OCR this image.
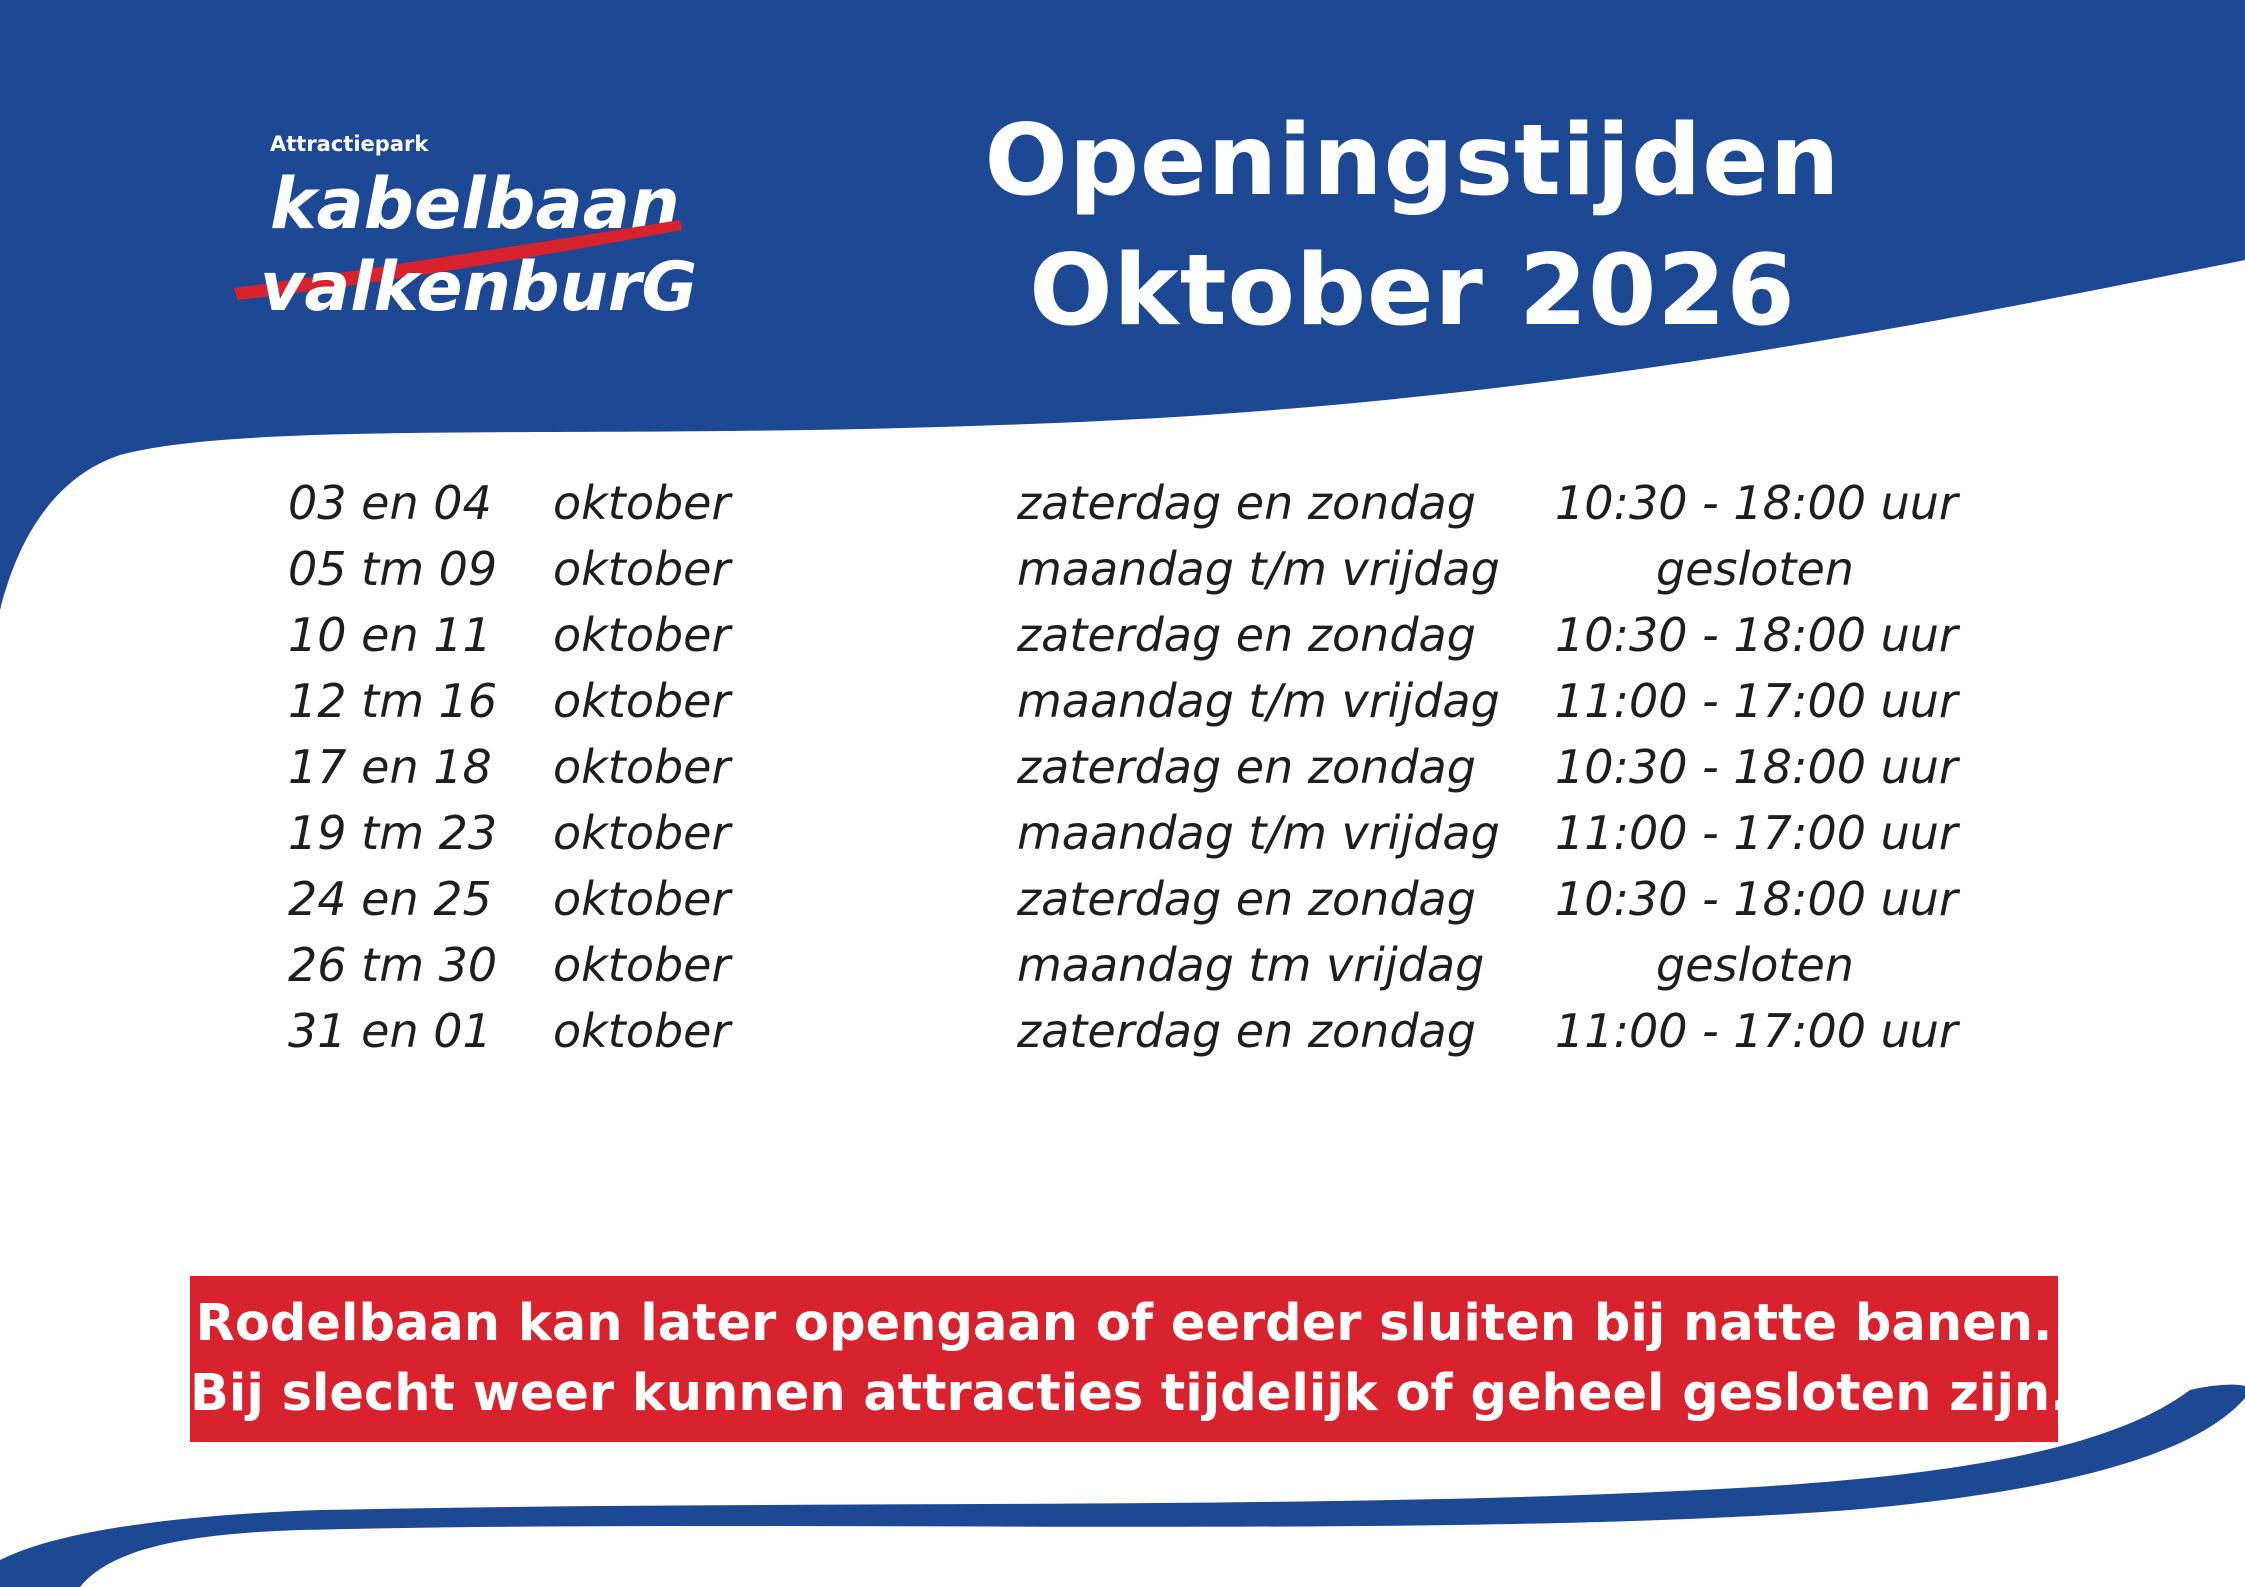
Attractiepark
kabelbaan
valkenburG
Openingstijden
Oktober 2026
03 en 04 oktober	zaterdag en zondag 10:30 - 18:00 uur
05 tm 09 oktober	maandag t/m vrijdag	gesloten
10 en 11 oktober	zaterdag en zondag 10:30 - 18:00 uur
12 tm 16 oktober	maandag t/m vrijdag 11:00 - 17:00 uur
17 en 18 oktober	zaterdag en zondag 10:30 - 18:00 uur
19 tm 23 oktober	maandag t/m vrijdag 11:00 - 17:00 uur
24 en 25 oktober	zaterdag en zondag 10:30 - 18:00 uur
26 tm 30 oktober	maandag tm vrijdag	gesloten
31 en 01 oktober	zaterdag en zondag 11:00 - 17:00 uur
Rodelbaan kan later opengaan of eerder sluiten bij natte banen.
Bij slecht weer kunnen attracties tijdelijk of geheel gesloten zijn.
